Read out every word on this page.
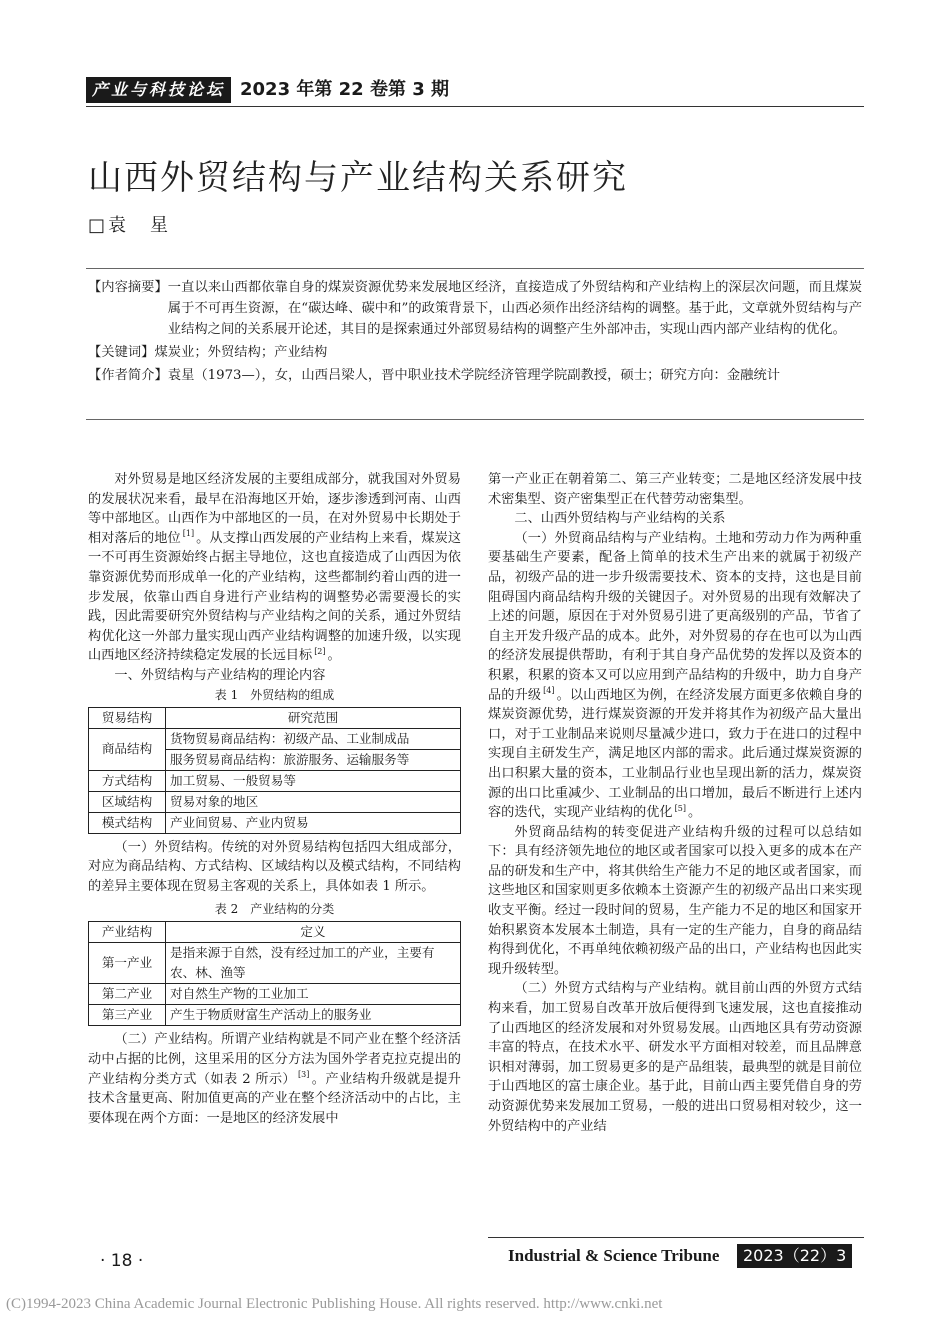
产业与科技论坛 2023 年第 22 卷第 3 期
山西外贸结构与产业结构关系研究
□袁　星
【内容摘要】 一直以来山西都依靠自身的煤炭资源优势来发展地区经济，直接造成了外贸结构和产业结构上的深层次问题，而且煤炭属于不可再生资源，在“碳达峰、碳中和”的政策背景下，山西必须作出经济结构的调整。基于此，文章就外贸结构与产业结构之间的关系展开论述，其目的是探索通过外部贸易结构的调整产生外部冲击，实现山西内部产业结构的优化。
【关键词】 煤炭业；外贸结构；产业结构
【作者简介】 袁星（1973—），女，山西吕梁人，晋中职业技术学院经济管理学院副教授，硕士；研究方向：金融统计

对外贸易是地区经济发展的主要组成部分，就我国对外贸易的发展状况来看，最早在沿海地区开始，逐步渗透到河南、山西等中部地区。山西作为中部地区的一员，在对外贸易中长期处于相对落后的地位 [1] 。从支撑山西发展的产业结构上来看，煤炭这一不可再生资源始终占据主导地位，这也直接造成了山西因为依靠资源优势而形成单一化的产业结构，这些都制约着山西的进一步发展，依靠山西自身进行产业结构的调整势必需要漫长的实践，因此需要研究外贸结构与产业结构之间的关系，通过外贸结构优化这一外部力量实现山西产业结构调整的加速升级，以实现山西地区经济持续稳定发展的长远目标 [2] 。

一、外贸结构与产业结构的理论内容

表 1　外贸结构的组成
贸易结构	研究范围
商品结构	货物贸易商品结构：初级产品、工业制成品
	服务贸易商品结构：旅游服务、运输服务等
方式结构	加工贸易、一般贸易等
区域结构	贸易对象的地区
模式结构	产业间贸易、产业内贸易

（一）外贸结构。传统的对外贸易结构包括四大组成部分，对应为商品结构、方式结构、区域结构以及模式结构，不同结构的差异主要体现在贸易主客观的关系上，具体如表 1 所示。

表 2　产业结构的分类
产业结构	定义
第一产业	是指来源于自然，没有经过加工的产业，主要有农、林、渔等
第二产业	对自然生产物的工业加工
第三产业	产生于物质财富生产活动上的服务业

（二）产业结构。所谓产业结构就是不同产业在整个经济活动中占据的比例，这里采用的区分方法为国外学者克拉克提出的产业结构分类方式（如表 2 所示） [3] 。产业结构升级就是提升技术含量更高、附加值更高的产业在整个经济活动中的占比，主要体现在两个方面：一是地区的经济发展中

第一产业正在朝着第二、第三产业转变；二是地区经济发展中技术密集型、资产密集型正在代替劳动密集型。

二、山西外贸结构与产业结构的关系

（一）外贸商品结构与产业结构。土地和劳动力作为两种重要基础生产要素，配备上简单的技术生产出来的就属于初级产品，初级产品的进一步升级需要技术、资本的支持，这也是目前阻碍国内商品结构升级的关键因子。对外贸易的出现有效解决了上述的问题，原因在于对外贸易引进了更高级别的产品，节省了自主开发升级产品的成本。此外，对外贸易的存在也可以为山西的经济发展提供帮助，有利于其自身产品优势的发挥以及资本的积累，积累的资本又可以应用到产品结构的升级中，助力自身产品的升级 [4] 。以山西地区为例，在经济发展方面更多依赖自身的煤炭资源优势，进行煤炭资源的开发并将其作为初级产品大量出口，对于工业制品来说则尽量减少进口，致力于在进口的过程中实现自主研发生产，满足地区内部的需求。此后通过煤炭资源的出口积累大量的资本，工业制品行业也呈现出新的活力，煤炭资源的出口比重减少、工业制品的出口增加，最后不断进行上述内容的迭代，实现产业结构的优化 [5] 。

外贸商品结构的转变促进产业结构升级的过程可以总结如下：具有经济领先地位的地区或者国家可以投入更多的成本在产品的研发和生产中，将其供给生产能力不足的地区或者国家，而这些地区和国家则更多依赖本土资源产生的初级产品出口来实现收支平衡。经过一段时间的贸易，生产能力不足的地区和国家开始积累资本发展本土制造，具有一定的生产能力，自身的商品结构得到优化，不再单纯依赖初级产品的出口，产业结构也因此实现升级转型。

（二）外贸方式结构与产业结构。就目前山西的外贸方式结构来看，加工贸易自改革开放后便得到飞速发展，这也直接推动了山西地区的经济发展和对外贸易发展。山西地区具有劳动资源丰富的特点，在技术水平、研发水平方面相对较差，而且品牌意识相对薄弱，加工贸易更多的是产品组装，最典型的就是目前位于山西地区的富士康企业。基于此，目前山西主要凭借自身的劳动资源优势来发展加工贸易，一般的进出口贸易相对较少，这一外贸结构中的产业结

· 18 ·	Industrial & Science Tribune	2023（22）3
(C)1994-2023 China Academic Journal Electronic Publishing House. All rights reserved. http://www.cnki.net
